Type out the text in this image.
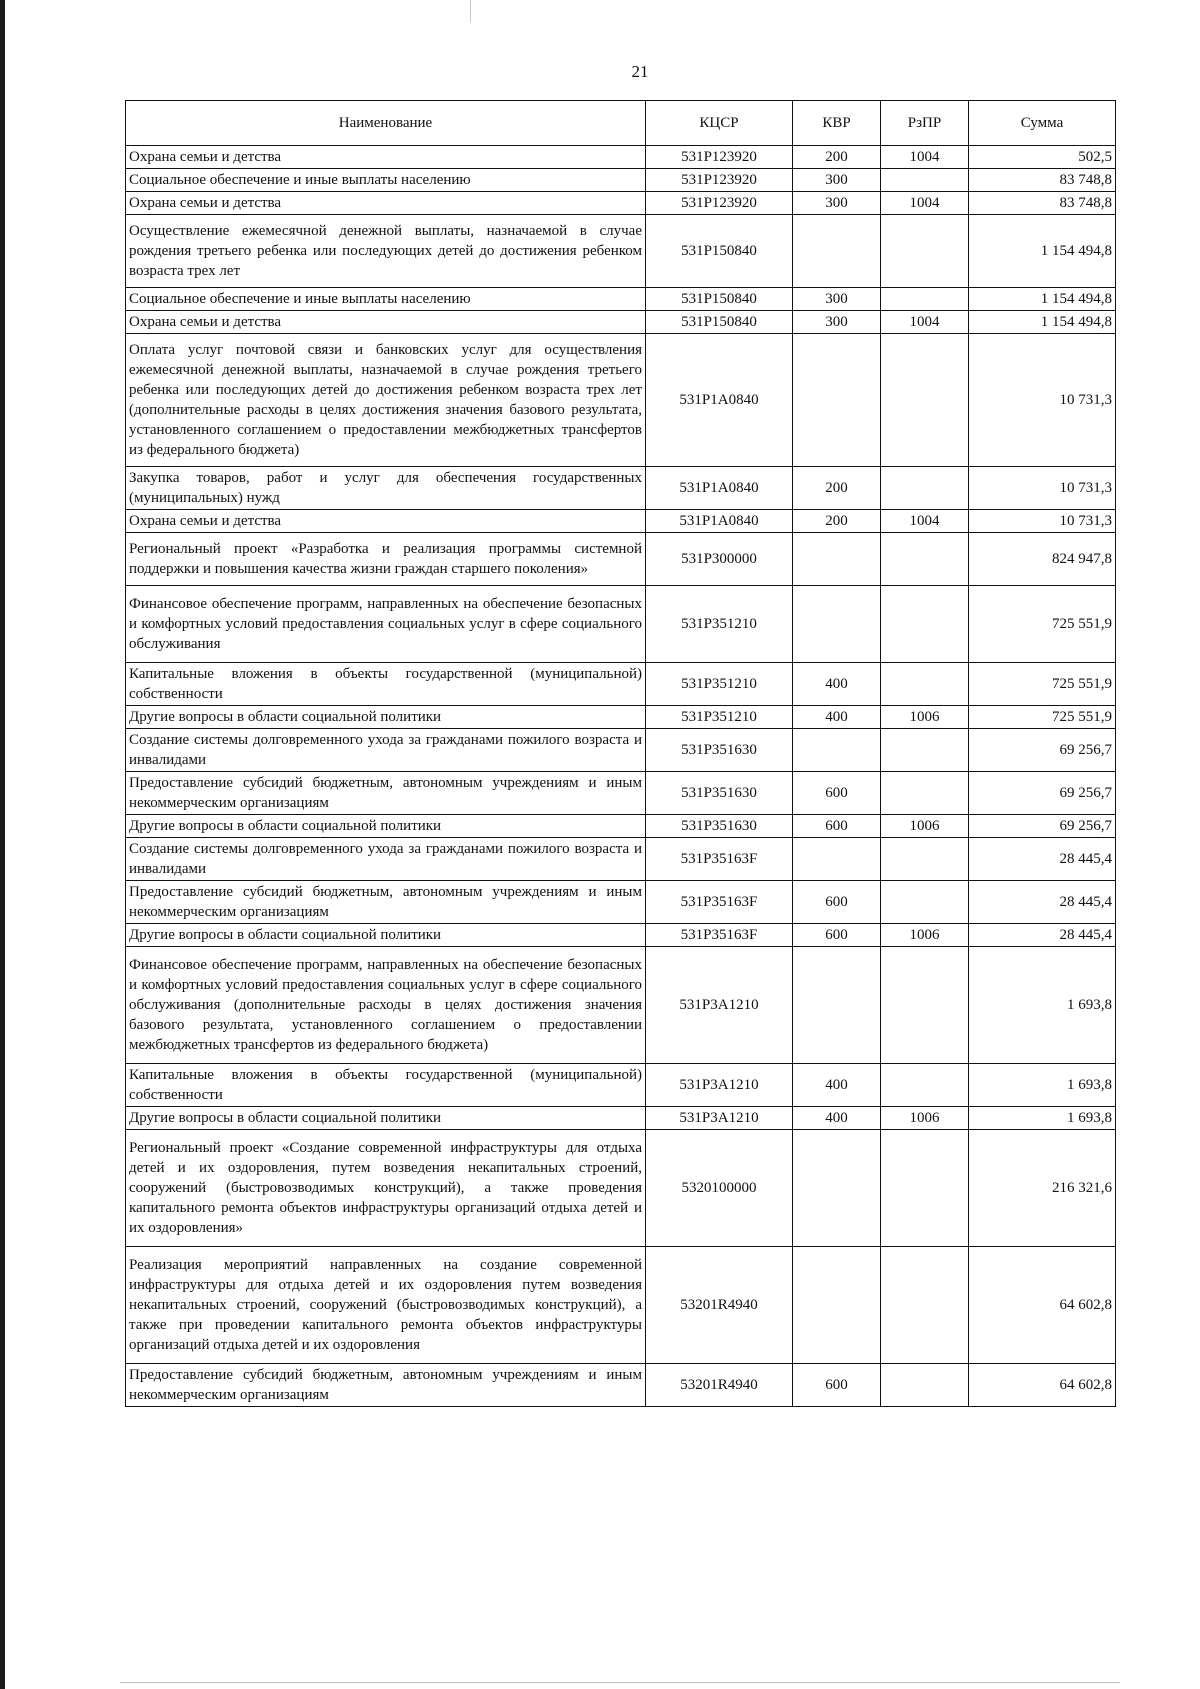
21
Наименование	КЦСР	КВР	РзПР	Сумма
Охрана семьи и детства	531P123920	200	1004	502,5
Социальное обеспечение и иные выплаты населению	531P123920	300		83 748,8
Охрана семьи и детства	531P123920	300	1004	83 748,8
Осуществление ежемесячной денежной выплаты, назначаемой в случае рождения третьего ребенка или последующих детей до достижения ребенком возраста трех лет	531P150840			1 154 494,8
Социальное обеспечение и иные выплаты населению	531P150840	300		1 154 494,8
Охрана семьи и детства	531P150840	300	1004	1 154 494,8
Оплата услуг почтовой связи и банковских услуг для осуществления ежемесячной денежной выплаты, назначаемой в случае рождения третьего ребенка или последующих детей до достижения ребенком возраста трех лет (дополнительные расходы в целях достижения значения базового результата, установленного соглашением о предоставлении межбюджетных трансфертов из федерального бюджета)	531P1A0840			10 731,3
Закупка товаров, работ и услуг для обеспечения государственных (муниципальных) нужд	531P1A0840	200		10 731,3
Охрана семьи и детства	531P1A0840	200	1004	10 731,3
Региональный проект «Разработка и реализация программы системной поддержки и повышения качества жизни граждан старшего поколения»	531P300000			824 947,8
Финансовое обеспечение программ, направленных на обеспечение безопасных и комфортных условий предоставления социальных услуг в сфере социального обслуживания	531P351210			725 551,9
Капитальные вложения в объекты государственной (муниципальной) собственности	531P351210	400		725 551,9
Другие вопросы в области социальной политики	531P351210	400	1006	725 551,9
Создание системы долговременного ухода за гражданами пожилого возраста и инвалидами	531P351630			69 256,7
Предоставление субсидий бюджетным, автономным учреждениям и иным некоммерческим организациям	531P351630	600		69 256,7
Другие вопросы в области социальной политики	531P351630	600	1006	69 256,7
Создание системы долговременного ухода за гражданами пожилого возраста и инвалидами	531P35163F			28 445,4
Предоставление субсидий бюджетным, автономным учреждениям и иным некоммерческим организациям	531P35163F	600		28 445,4
Другие вопросы в области социальной политики	531P35163F	600	1006	28 445,4
Финансовое обеспечение программ, направленных на обеспечение безопасных и комфортных условий предоставления социальных услуг в сфере социального обслуживания (дополнительные расходы в целях достижения значения базового результата, установленного соглашением о предоставлении межбюджетных трансфертов из федерального бюджета)	531P3A1210			1 693,8
Капитальные вложения в объекты государственной (муниципальной) собственности	531P3A1210	400		1 693,8
Другие вопросы в области социальной политики	531P3A1210	400	1006	1 693,8
Региональный проект «Создание современной инфраструктуры для отдыха детей и их оздоровления, путем возведения некапитальных строений, сооружений (быстровозводимых конструкций), а также проведения капитального ремонта объектов инфраструктуры организаций отдыха детей и их оздоровления»	5320100000			216 321,6
Реализация мероприятий направленных на создание современной инфраструктуры для отдыха детей и их оздоровления путем возведения некапитальных строений, сооружений (быстровозводимых конструкций), а также при проведении капитального ремонта объектов инфраструктуры организаций отдыха детей и их оздоровления	53201R4940			64 602,8
Предоставление субсидий бюджетным, автономным учреждениям и иным некоммерческим организациям	53201R4940	600		64 602,8
